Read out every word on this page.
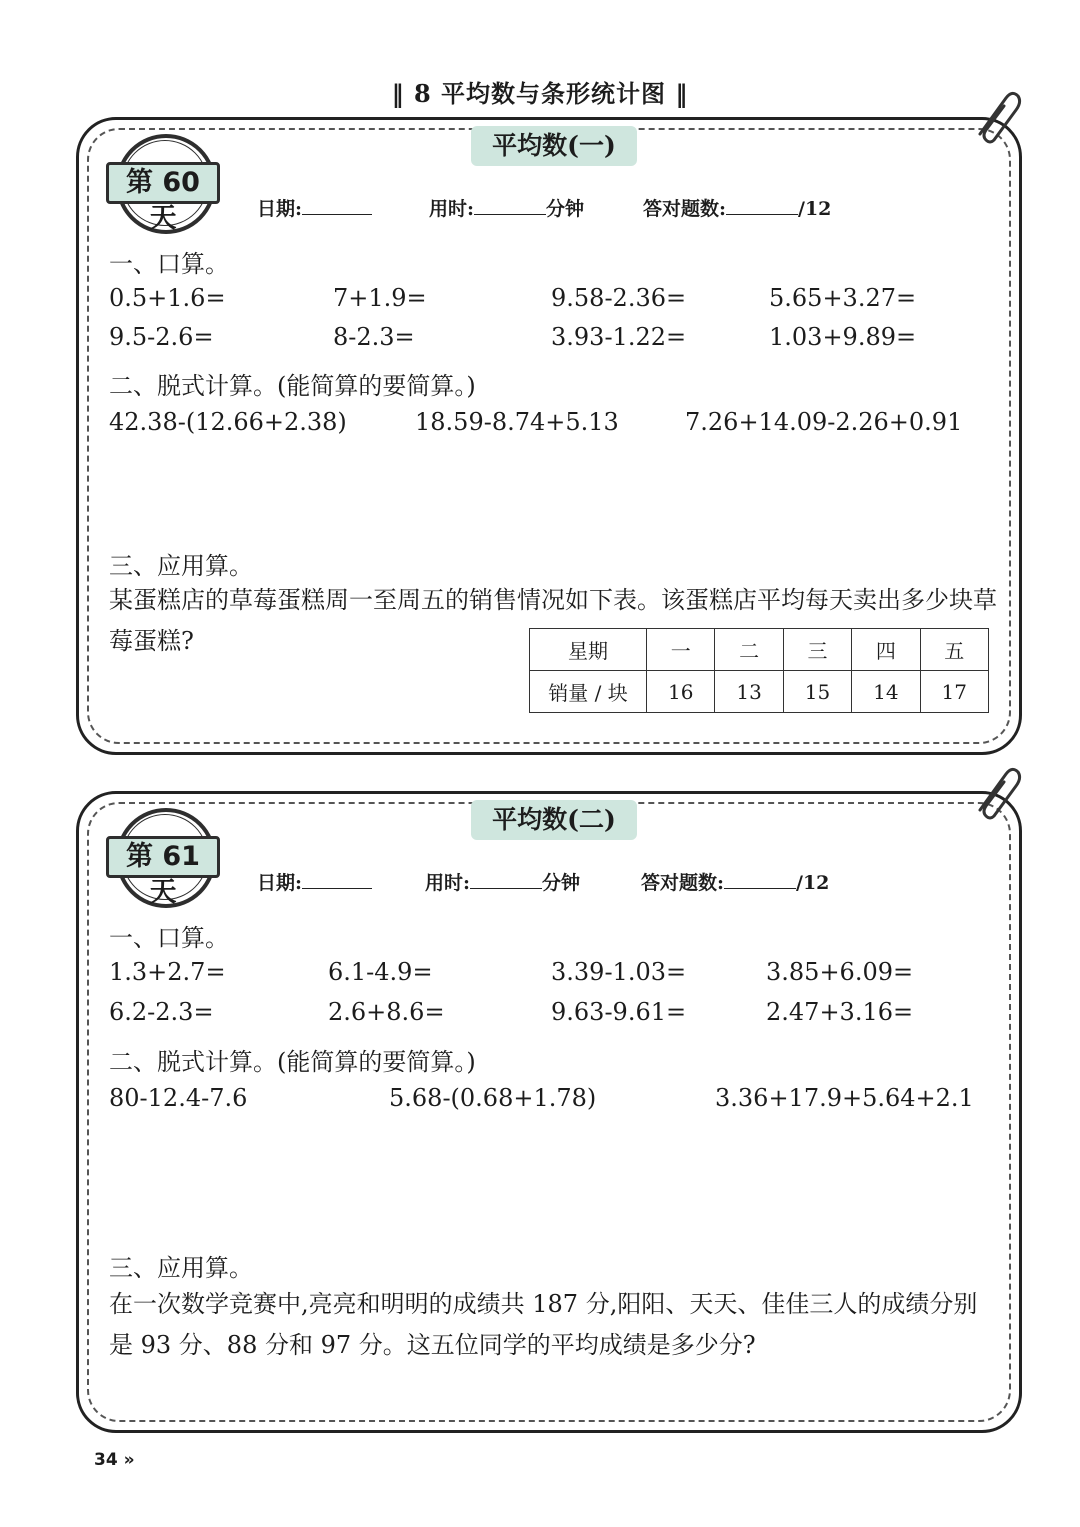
‖ 8 平均数与条形统计图 ‖
平均数(一)
第 60 天	日期:	用时:	分钟	答对题数:	/12
一、口算。
0.5+1.6=	7+1.9=	9.58-2.36=	5.65+3.27=
9.5-2.6=	8-2.3=	3.93-1.22=	1.03+9.89=
二、脱式计算。(能简算的要简算。)
42.38-(12.66+2.38)	18.59-8.74+5.13	7.26+14.09-2.26+0.91
三、应用算。
某蛋糕店的草莓蛋糕周一至周五的销售情况如下表。该蛋糕店平均每天卖出多少块草莓蛋糕?	星期	一	二	三	四	五
销量 / 块	16	13	15	14	17
平均数(二)
第 61 天	日期:	用时:	分钟	答对题数:	/12
一、口算。
1.3+2.7=	6.1-4.9=	3.39-1.03=	3.85+6.09=
6.2-2.3=	2.6+8.6=	9.63-9.61=	2.47+3.16=
二、脱式计算。(能简算的要简算。)
80-12.4-7.6	5.68-(0.68+1.78)	3.36+17.9+5.64+2.1
三、应用算。
在一次数学竞赛中,亮亮和明明的成绩共 187 分,阳阳、天天、佳佳三人的成绩分别是 93 分、88 分和 97 分。这五位同学的平均成绩是多少分?
34 »
